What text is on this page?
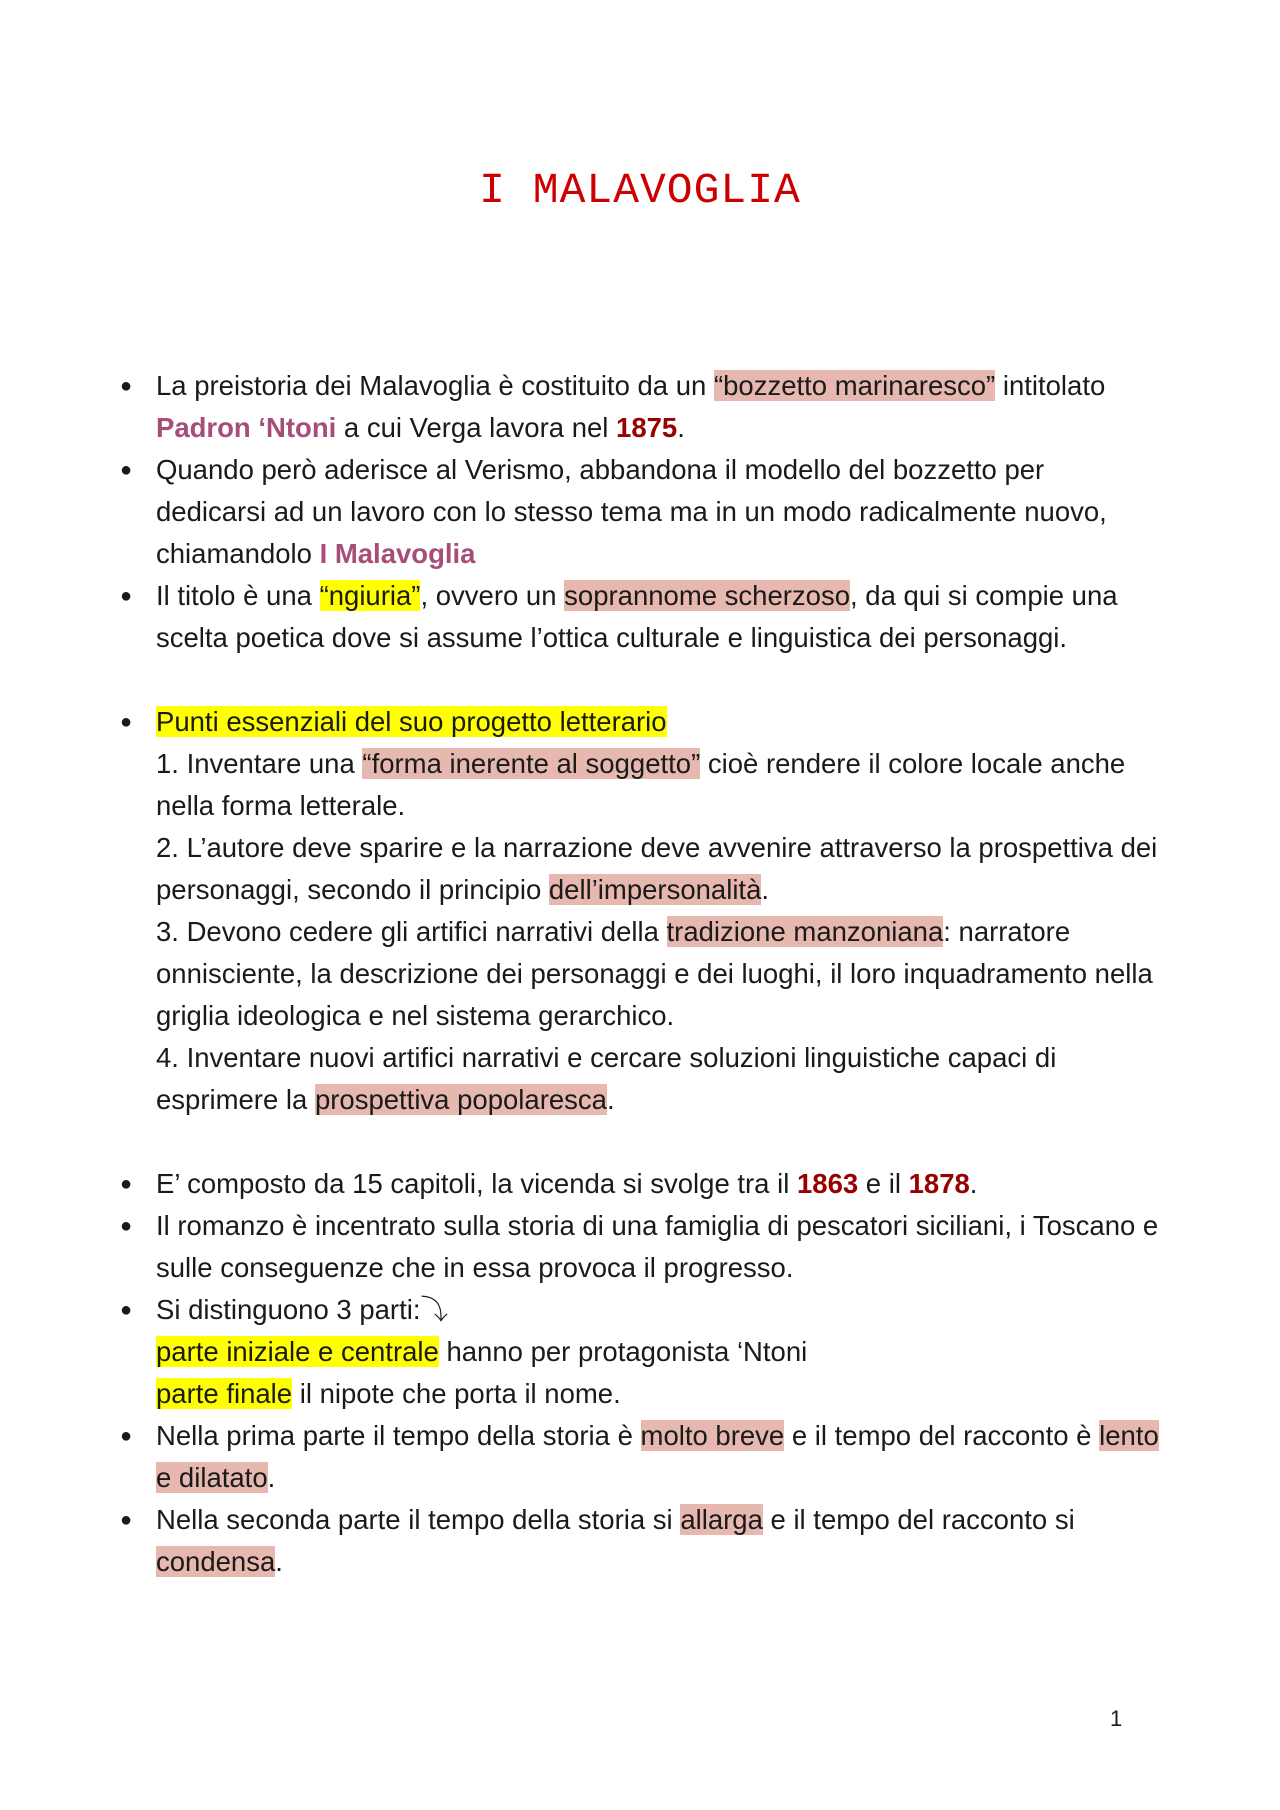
I MALAVOGLIA
● La preistoria dei Malavoglia è costituito da un “bozzetto marinaresco” intitolato Padron ‘Ntoni a cui Verga lavora nel 1875.
● Quando però aderisce al Verismo, abbandona il modello del bozzetto per dedicarsi ad un lavoro con lo stesso tema ma in un modo radicalmente nuovo, chiamandolo I Malavoglia
● Il titolo è una “ngiuria”, ovvero un soprannome scherzoso, da qui si compie una scelta poetica dove si assume l’ottica culturale e linguistica dei personaggi.
● Punti essenziali del suo progetto letterario
1. Inventare una “forma inerente al soggetto” cioè rendere il colore locale anche nella forma letterale.
2. L’autore deve sparire e la narrazione deve avvenire attraverso la prospettiva dei personaggi, secondo il principio dell’impersonalità.
3. Devono cedere gli artifici narrativi della tradizione manzoniana: narratore onnisciente, la descrizione dei personaggi e dei luoghi, il loro inquadramento nella griglia ideologica e nel sistema gerarchico.
4. Inventare nuovi artifici narrativi e cercare soluzioni linguistiche capaci di esprimere la prospettiva popolaresca.
● E’ composto da 15 capitoli, la vicenda si svolge tra il 1863 e il 1878.
● Il romanzo è incentrato sulla storia di una famiglia di pescatori siciliani, i Toscano e sulle conseguenze che in essa provoca il progresso.
● Si distinguono 3 parti:⤵
parte iniziale e centrale hanno per protagonista ‘Ntoni
parte finale il nipote che porta il nome.
● Nella prima parte il tempo della storia è molto breve e il tempo del racconto è lento e dilatato.
● Nella seconda parte il tempo della storia si allarga e il tempo del racconto si condensa.
1
